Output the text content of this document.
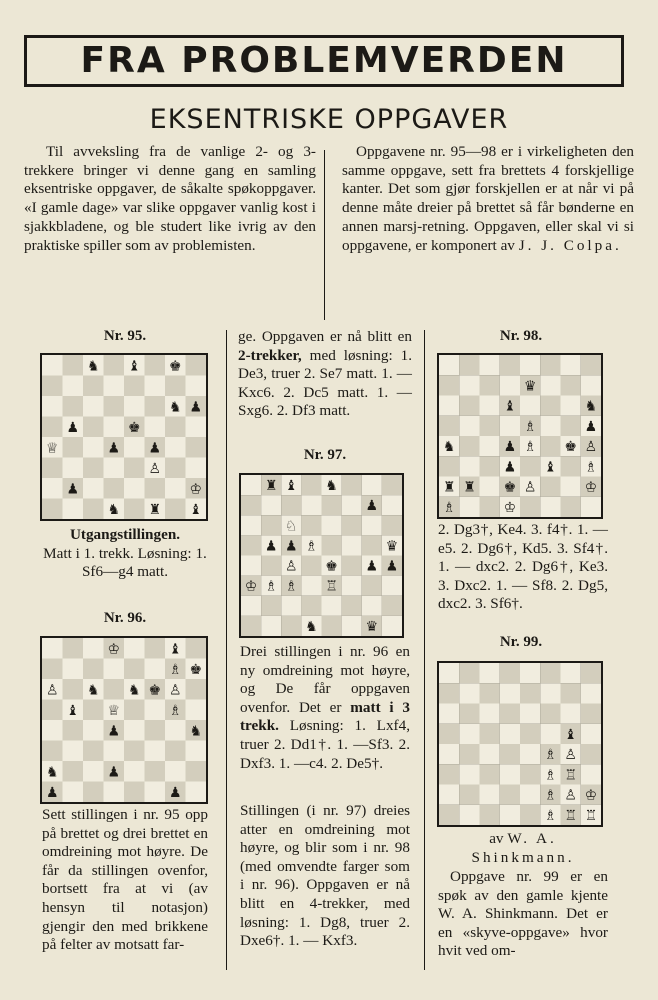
FRA PROBLEMVERDEN
EKSENTRISKE OPPGAVER

Til avveksling fra de vanlige 2- og 3-trekkere bringer vi denne gang en samling eksentriske oppgaver, de såkalte spøkoppgaver. «I gamle dage» var slike oppgaver vanlig kost i sjakkbladene, og ble studert like ivrig av den praktiske spiller som av problemisten.

Oppgavene nr. 95—98 er i virkeligheten den samme oppgave, sett fra brettets 4 forskjellige kanter. Det som gjør forskjellen er at når vi på denne måte dreier på brettet så får bønderne en annen marsj-retning. Oppgaven, eller skal vi si oppgavene, er komponert av J. J. Colpa.

Nr. 95.
♞ ♝ ♚
♞ ♟
♟	♚
♕	♟ ♟
♙
♟	♔
♞ ♜ ♝
Utgangstillingen.
Matt i 1. trekk. Løsning: 1. Sf6—g4 matt.
Nr. 96.
♔	♝
♗ ♚
♙ ♞ ♞ ♚ ♙
♝ ♕	♗
♟	♞
♞	♟
♟	♟
Sett stillingen i nr. 95 opp på brettet og drei brettet en omdreining mot høyre. De får da stillingen ovenfor, bortsett fra at vi (av hensyn til notasjon) gjengir den med brikkene på felter av motsatt far-
ge. Oppgaven er nå blitt en 2-trekker, med løsning: 1. De3, truer 2. Se7 matt. 1. — Kxc6. 2. Dc5 matt. 1. — Sxg6. 2. Df3 matt.
Nr. 97.
♜ ♝ ♞
♟
♘
♟ ♟ ♗	♛
♙ ♚ ♟ ♟
♔ ♗ ♗ ♖
♞	♛
Drei stillingen i nr. 96 en ny omdreining mot høyre, og De får oppgaven ovenfor. Det er matt i 3 trekk. Løsning: 1. Lxf4, truer 2. Dd1†. 1. —Sf3. 2. Dxf3. 1. —c4. 2. De5†.
Stillingen (i nr. 97) dreies atter en omdreining mot høyre, og blir som i nr. 98 (med omvendte farger som i nr. 96). Oppgaven er nå blitt en 4-trekker, med løsning: 1. Dg8, truer 2. Dxe6†. 1. — Kxf3.
Nr. 98.
♛
♝	♞
♗	♟
♞	♟ ♗ ♚ ♙
♟ ♝ ♗
♜ ♜ ♚ ♙	♔
♗	♔
2. Dg3†, Ke4. 3. f4†. 1. — e5. 2. Dg6†, Kd5. 3. Sf4†. 1. — dxc2. 2. Dg6†, Ke3. 3. Dxc2. 1. — Sf8. 2. Dg5, dxc2. 3. Sf6†.
Nr. 99.
♝
♗ ♙
♗ ♖
♗ ♙ ♔
♗ ♖ ♖
av W. A. Shinkmann.
Oppgave nr. 99 er en spøk av den gamle kjente W. A. Shinkmann. Det er en «skyve-oppgave» hvor hvit ved om-
